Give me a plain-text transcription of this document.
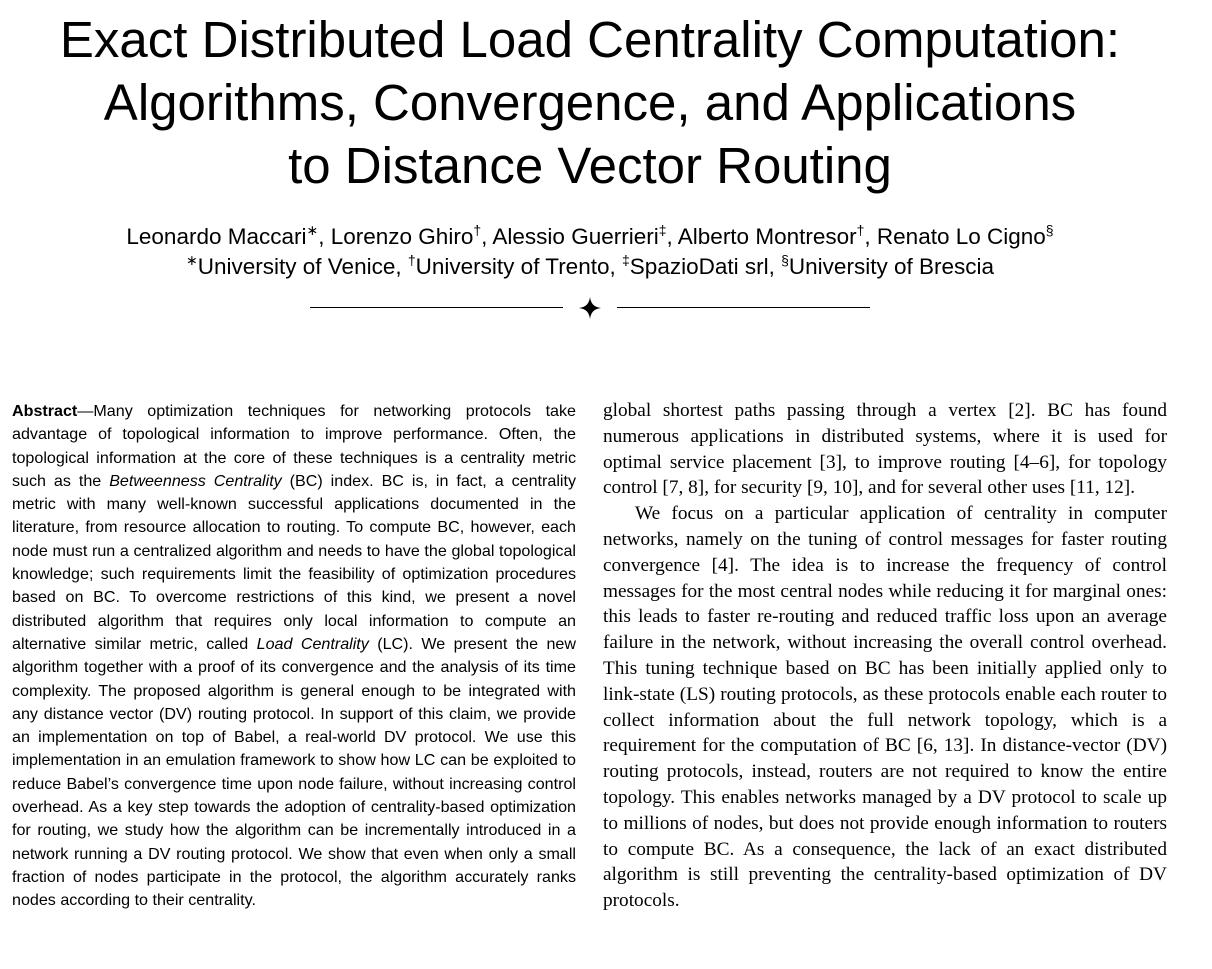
Exact Distributed Load Centrality Computation:
Algorithms, Convergence, and Applications
to Distance Vector Routing
Leonardo Maccari∗, Lorenzo Ghiro†, Alessio Guerrieri‡, Alberto Montresor†, Renato Lo Cigno§
∗University of Venice, †University of Trento, ‡SpazioDati srl, §University of Brescia
Abstract—Many optimization techniques for networking protocols take advantage of topological information to improve performance. Often, the topological information at the core of these techniques is a centrality metric such as the Betweenness Centrality (BC) index. BC is, in fact, a centrality metric with many well-known successful applications documented in the literature, from resource allocation to routing. To compute BC, however, each node must run a centralized algorithm and needs to have the global topological knowledge; such requirements limit the feasibility of optimization procedures based on BC. To overcome restrictions of this kind, we present a novel distributed algorithm that requires only local information to compute an alternative similar metric, called Load Centrality (LC). We present the new algorithm together with a proof of its convergence and the analysis of its time complexity. The proposed algorithm is general enough to be integrated with any distance vector (DV) routing protocol. In support of this claim, we provide an implementation on top of Babel, a real-world DV protocol. We use this implementation in an emulation framework to show how LC can be exploited to reduce Babel’s convergence time upon node failure, without increasing control overhead. As a key step towards the adoption of centrality-based optimization for routing, we study how the algorithm can be incrementally introduced in a network running a DV routing protocol. We show that even when only a small fraction of nodes participate in the protocol, the algorithm accurately ranks nodes according to their centrality.

global shortest paths passing through a vertex [2]. BC has found numerous applications in distributed systems, where it is used for optimal service placement [3], to improve routing [4–6], for topology control [7, 8], for security [9, 10], and for several other uses [11, 12].

We focus on a particular application of centrality in computer networks, namely on the tuning of control messages for faster routing convergence [4]. The idea is to increase the frequency of control messages for the most central nodes while reducing it for marginal ones: this leads to faster re-routing and reduced traffic loss upon an average failure in the network, without increasing the overall control overhead. This tuning technique based on BC has been initially applied only to link-state (LS) routing protocols, as these protocols enable each router to collect information about the full network topology, which is a requirement for the computation of BC [6, 13]. In distance-vector (DV) routing protocols, instead, routers are not required to know the entire topology. This enables networks managed by a DV protocol to scale up to millions of nodes, but does not provide enough information to routers to compute BC. As a consequence, the lack of an exact distributed algorithm is still preventing the centrality-based optimization of DV protocols.
